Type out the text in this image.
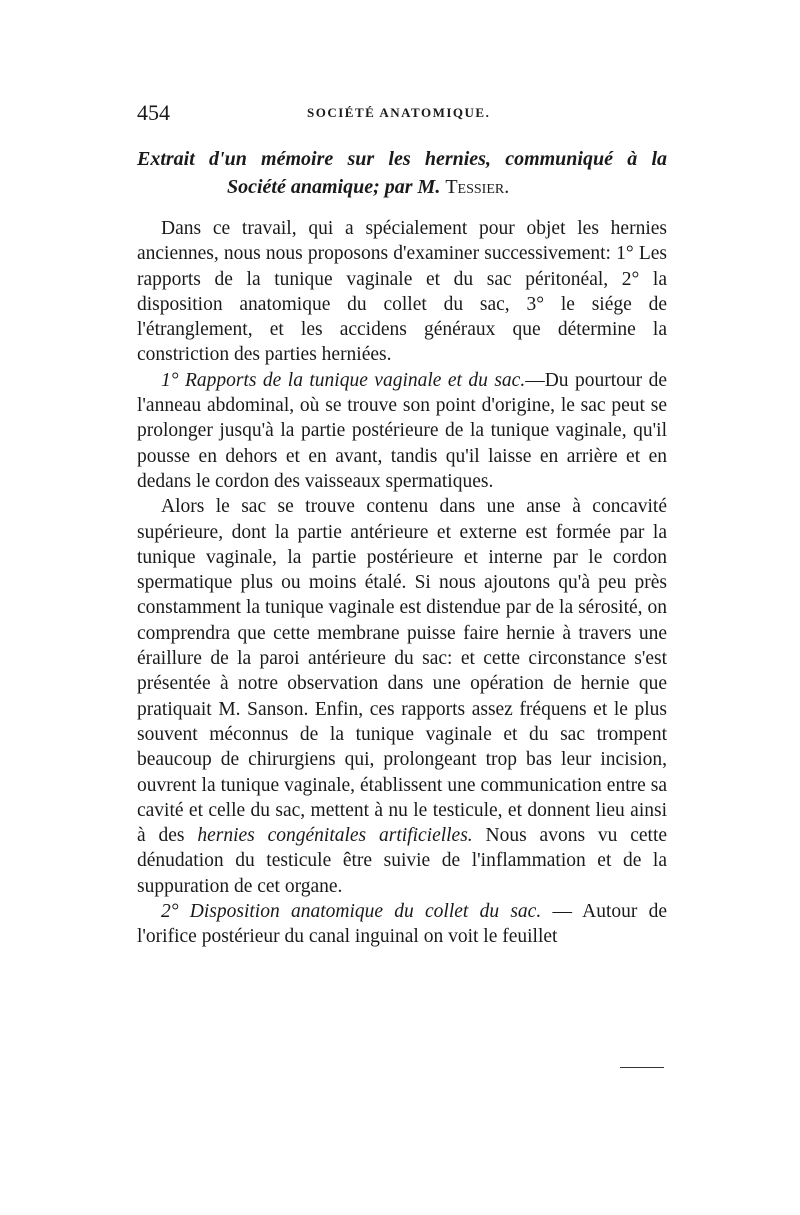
454	SOCIÉTÉ ANATOMIQUE.
Extrait d'un mémoire sur les hernies, communiqué à la
Société anamique; par M. Tessier.

Dans ce travail, qui a spécialement pour objet les hernies anciennes, nous nous proposons d'examiner successivement: 1° Les rapports de la tunique vaginale et du sac péritonéal, 2° la disposition anatomique du collet du sac, 3° le siége de l'étranglement, et les accidens généraux que détermine la constriction des parties herniées.

1° Rapports de la tunique vaginale et du sac.—Du pourtour de l'anneau abdominal, où se trouve son point d'origine, le sac peut se prolonger jusqu'à la partie postérieure de la tunique vaginale, qu'il pousse en dehors et en avant, tandis qu'il laisse en arrière et en dedans le cordon des vaisseaux spermatiques.

Alors le sac se trouve contenu dans une anse à concavité supérieure, dont la partie antérieure et externe est formée par la tunique vaginale, la partie postérieure et interne par le cordon spermatique plus ou moins étalé. Si nous ajoutons qu'à peu près constamment la tunique vaginale est distendue par de la sérosité, on comprendra que cette membrane puisse faire hernie à travers une éraillure de la paroi antérieure du sac: et cette circonstance s'est présentée à notre observation dans une opération de hernie que pratiquait M. Sanson. Enfin, ces rapports assez fréquens et le plus souvent méconnus de la tunique vaginale et du sac trompent beaucoup de chirurgiens qui, prolongeant trop bas leur incision, ouvrent la tunique vaginale, établissent une communication entre sa cavité et celle du sac, mettent à nu le testicule, et donnent lieu ainsi à des hernies congénitales artificielles. Nous avons vu cette dénudation du testicule être suivie de l'inflammation et de la suppuration de cet organe.

2° Disposition anatomique du collet du sac. — Autour de l'orifice postérieur du canal inguinal on voit le feuillet
